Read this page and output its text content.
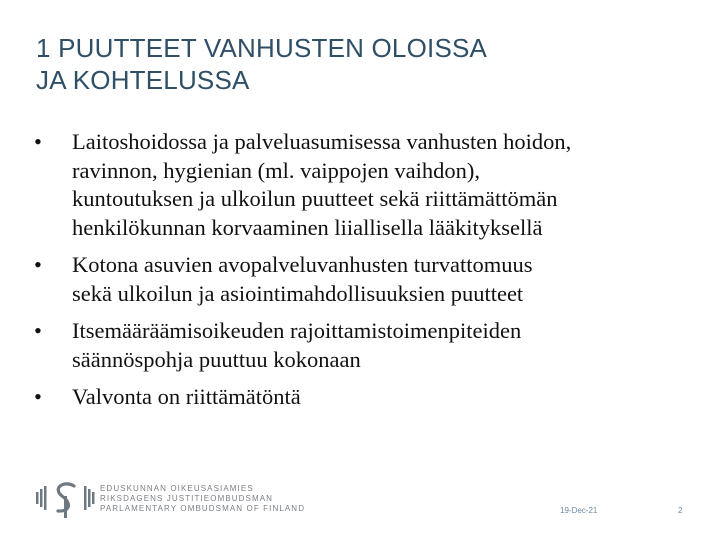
1 PUUTTEET VANHUSTEN OLOISSA
JA KOHTELUSSA
•	Laitoshoidossa ja palveluasumisessa vanhusten hoidon,
ravinnon, hygienian (ml. vaippojen vaihdon),
kuntoutuksen ja ulkoilun puutteet sekä riittämättömän
henkilökunnan korvaaminen liiallisella lääkityksellä
•	Kotona asuvien avopalveluvanhusten turvattomuus
sekä ulkoilun ja asiointimahdollisuuksien puutteet
•	Itsemääräämisoikeuden rajoittamistoimenpiteiden
säännöspohja puuttuu kokonaan
•	Valvonta on riittämätöntä
EDUSKUNNAN OIKEUSASIAMIES
RIKSDAGENS JUSTITIEOMBUDSMAN
PARLAMENTARY OMBUDSMAN OF FINLAND	19-Dec-21	2
